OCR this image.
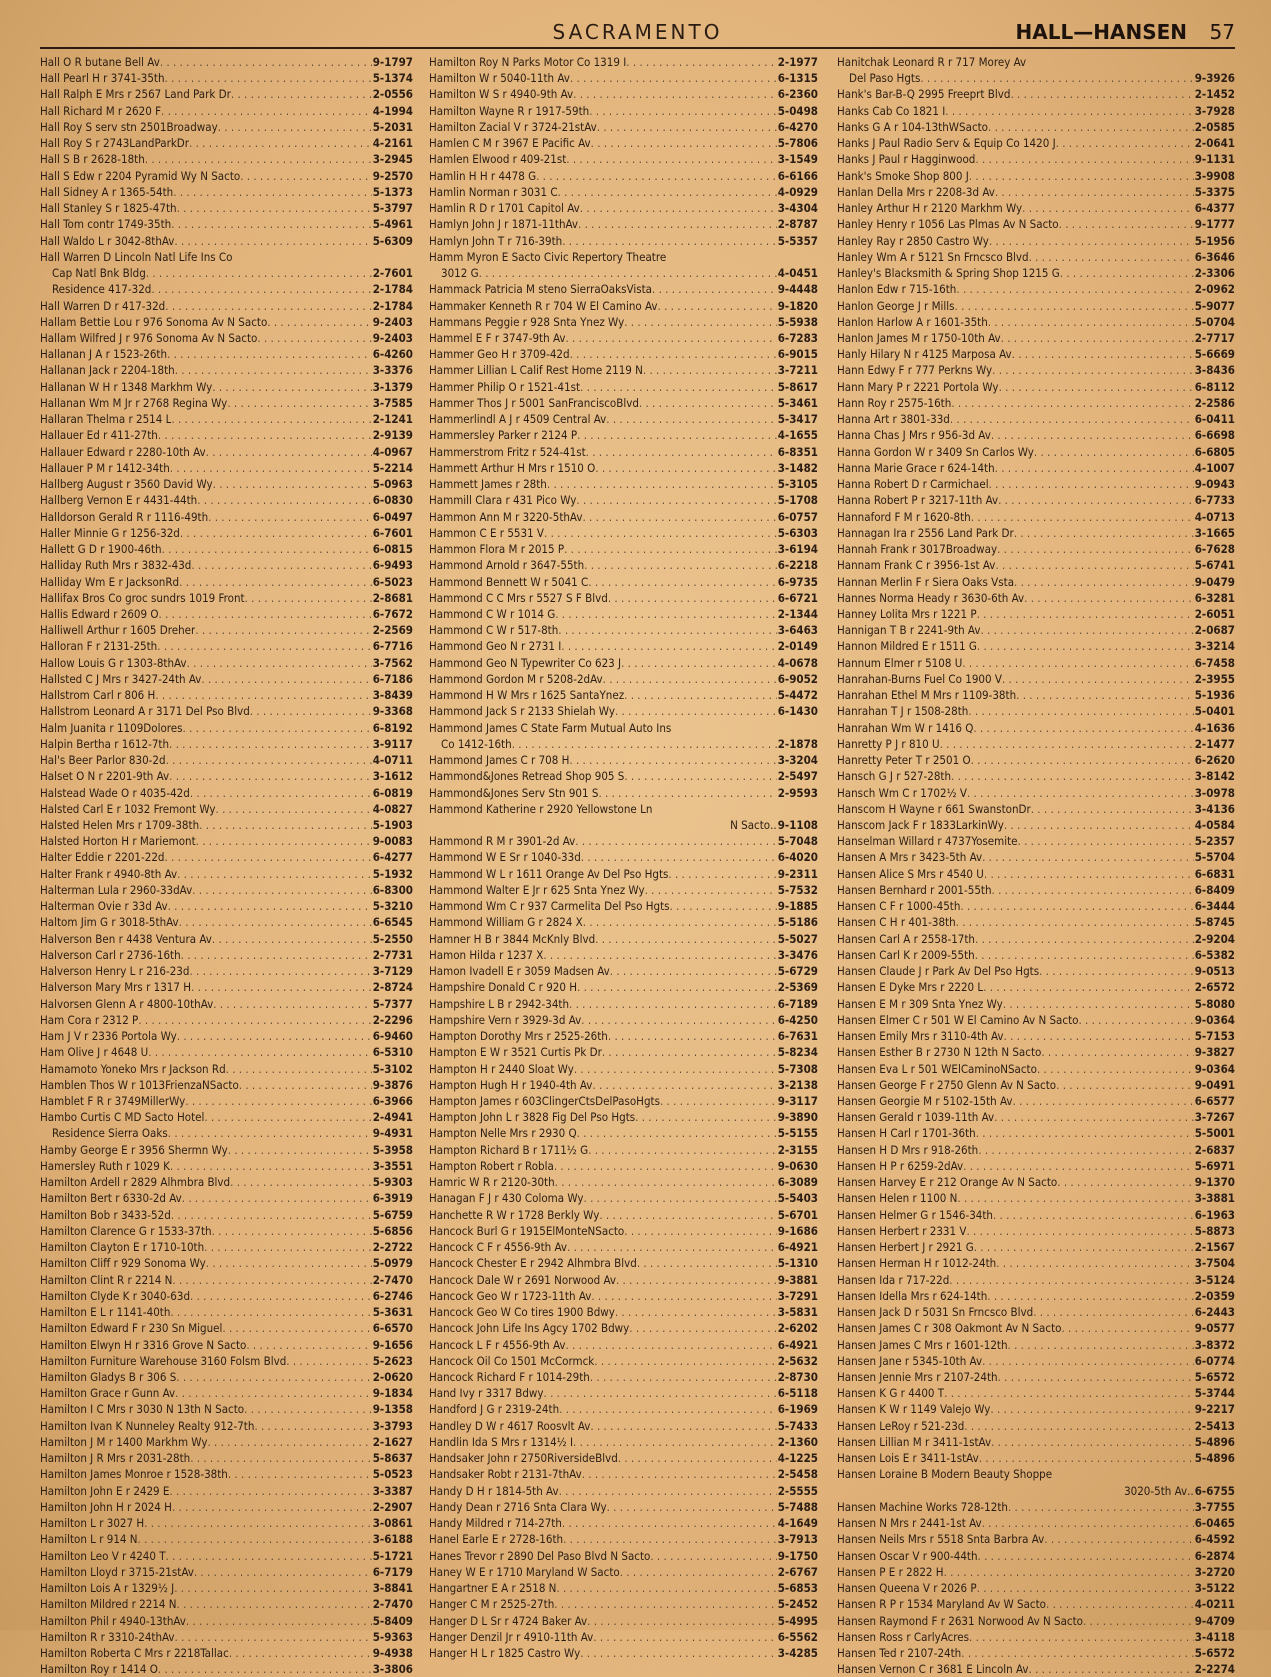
SACRAMENTO	HALL—HANSEN 57
Hall O R butane Bell Av . . .	9-1797
Hall Pearl H r 3741-35th . . .	5-1374
Hall Ralph E Mrs r 2567 Land Park Dr . . .	2-0556
Hall Richard M r 2620 F . . .	4-1994
Hall Roy S serv stn 2501Broadway . . .	5-2031
Hall Roy S r 2743LandParkDr . . .	4-2161
Hall S B r 2628-18th . . .	3-2945
Hall S Edw r 2204 Pyramid Wy N Sacto . . .	9-2570
Hall Sidney A r 1365-54th . . .	5-1373
Hall Stanley S r 1825-47th . . .	5-3797
Hall Tom contr 1749-35th . . .	5-4961
Hall Waldo L r 3042-8thAv . . .	5-6309
Hall Warren D Lincoln Natl Life Ins Co
Cap Natl Bnk Bldg . . .	2-7601
Residence 417-32d . . .	2-1784
Hall Warren D r 417-32d . . .	2-1784
Hallam Bettie Lou r 976 Sonoma Av N Sacto . . .	9-2403
Hallam Wilfred J r 976 Sonoma Av N Sacto . . .	9-2403
Hallanan J A r 1523-26th . . .	6-4260
Hallanan Jack r 2204-18th . . .	3-3376
Hallanan W H r 1348 Markhm Wy . . .	3-1379
Hallanan Wm M Jr r 2768 Regina Wy . . .	3-7585
Hallaran Thelma r 2514 L . . .	2-1241
Hallauer Ed r 411-27th . . .	2-9139
Hallauer Edward r 2280-10th Av . . .	4-0967
Hallauer P M r 1412-34th . . .	5-2214
Hallberg August r 3560 David Wy . . .	5-0963
Hallberg Vernon E r 4431-44th . . .	6-0830
Halldorson Gerald R r 1116-49th . . .	6-0497
Haller Minnie G r 1256-32d . . .	6-7601
Hallett G D r 1900-46th . . .	6-0815
Halliday Ruth Mrs r 3832-43d . . .	6-9493
Halliday Wm E r JacksonRd . . .	6-5023
Hallifax Bros Co groc sundrs 1019 Front . . .	2-8681
Hallis Edward r 2609 O . . .	6-7672
Halliwell Arthur r 1605 Dreher . . .	2-2569
Halloran F r 2131-25th . . .	6-7716
Hallow Louis G r 1303-8thAv . . .	3-7562
Hallsted C J Mrs r 3427-24th Av . . .	6-7186
Hallstrom Carl r 806 H . . .	3-8439
Hallstrom Leonard A r 3171 Del Pso Blvd . . .	9-3368
Halm Juanita r 1109Dolores . . .	6-8192
Halpin Bertha r 1612-7th . . .	3-9117
Hal's Beer Parlor 830-2d . . .	4-0711
Halset O N r 2201-9th Av . . .	3-1612
Halstead Wade O r 4035-42d . . .	6-0819
Halsted Carl E r 1032 Fremont Wy . . .	4-0827
Halsted Helen Mrs r 1709-38th . . .	5-1903
Halsted Horton H r Mariemont . . .	9-0083
Halter Eddie r 2201-22d . . .	6-4277
Halter Frank r 4940-8th Av . . .	5-1932
Halterman Lula r 2960-33dAv . . .	6-8300
Halterman Ovie r 33d Av . . .	5-3210
Haltom Jim G r 3018-5thAv . . .	6-6545
Halverson Ben r 4438 Ventura Av . . .	5-2550
Halverson Carl r 2736-16th . . .	2-7731
Halverson Henry L r 216-23d . . .	3-7129
Halverson Mary Mrs r 1317 H . . .	2-8724
Halvorsen Glenn A r 4800-10thAv . . .	5-7377
Ham Cora r 2312 P . . .	2-2296
Ham J V r 2336 Portola Wy . . .	6-9460
Ham Olive J r 4648 U . . .	6-5310
Hamamoto Yoneko Mrs r Jackson Rd . . .	5-3102
Hamblen Thos W r 1013FrienzaNSacto . . .	9-3876
Hamblet F R r 3749MillerWy . . .	6-3966
Hambo Curtis C MD Sacto Hotel . . .	2-4941
Residence Sierra Oaks . . .	9-4931
Hamby George E r 3956 Shermn Wy . . .	5-3958
Hamersley Ruth r 1029 K . . .	3-3551
Hamilton Ardell r 2829 Alhmbra Blvd . . .	5-9303
Hamilton Bert r 6330-2d Av . . .	6-3919
Hamilton Bob r 3433-52d . . .	5-6759
Hamilton Clarence G r 1533-37th . . .	5-6856
Hamilton Clayton E r 1710-10th . . .	2-2722
Hamilton Cliff r 929 Sonoma Wy . . .	5-0979
Hamilton Clint R r 2214 N . . .	2-7470
Hamilton Clyde K r 3040-63d . . .	6-2746
Hamilton E L r 1141-40th . . .	5-3631
Hamilton Edward F r 230 Sn Miguel . . .	6-6570
Hamilton Elwyn H r 3316 Grove N Sacto . . .	9-1656
Hamilton Furniture Warehouse 3160 Folsm Blvd . . .	5-2623
Hamilton Gladys B r 306 S . . .	2-0620
Hamilton Grace r Gunn Av . . .	9-1834
Hamilton I C Mrs r 3030 N 13th N Sacto . . .	9-1358
Hamilton Ivan K Nunneley Realty 912-7th . . .	3-3793
Hamilton J M r 1400 Markhm Wy . . .	2-1627
Hamilton J R Mrs r 2031-28th . . .	5-8637
Hamilton James Monroe r 1528-38th . . .	5-0523
Hamilton John E r 2429 E . . .	3-3387
Hamilton John H r 2024 H . . .	2-2907
Hamilton L r 3027 H . . .	3-0861
Hamilton L r 914 N . . .	3-6188
Hamilton Leo V r 4240 T . . .	5-1721
Hamilton Lloyd r 3715-21stAv . . .	6-7179
Hamilton Lois A r 1329½ J . . .	3-8841
Hamilton Mildred r 2214 N . . .	2-7470
Hamilton Phil r 4940-13thAv . . .	5-8409
Hamilton R r 3310-24thAv . . .	5-9363
Hamilton Roberta C Mrs r 2218Tallac . . .	9-4938
Hamilton Roy r 1414 O . . .	3-3806
Hamilton Roy N Parks Motor Co 1319 I . . .	2-1977
Hamilton W r 5040-11th Av . . .	6-1315
Hamilton W S r 4940-9th Av . . .	6-2360
Hamilton Wayne R r 1917-59th . . .	5-0498
Hamilton Zacial V r 3724-21stAv . . .	6-4270
Hamlen C M r 3967 E Pacific Av . . .	5-7806
Hamlen Elwood r 409-21st . . .	3-1549
Hamlin H H r 4478 G . . .	6-6166
Hamlin Norman r 3031 C . . .	4-0929
Hamlin R D r 1701 Capitol Av . . .	3-4304
Hamlyn John J r 1871-11thAv . . .	2-8787
Hamlyn John T r 716-39th . . .	5-5357
Hamm Myron E Sacto Civic Repertory Theatre
3012 G . . .	4-0451
Hammack Patricia M steno SierraOaksVista . . .	9-4448
Hammaker Kenneth R r 704 W El Camino Av . . .	9-1820
Hammans Peggie r 928 Snta Ynez Wy . . .	5-5938
Hammel E F r 3747-9th Av . . .	6-7283
Hammer Geo H r 3709-42d . . .	6-9015
Hammer Lillian L Calif Rest Home 2119 N . . .	3-7211
Hammer Philip O r 1521-41st . . .	5-8617
Hammer Thos J r 5001 SanFranciscoBlvd . . .	5-3461
Hammerlindl A J r 4509 Central Av . . .	5-3417
Hammersley Parker r 2124 P . . .	4-1655
Hammerstrom Fritz r 524-41st . . .	6-8351
Hammett Arthur H Mrs r 1510 O . . .	3-1482
Hammett James r 28th . . .	5-3105
Hammill Clara r 431 Pico Wy . . .	5-1708
Hammon Ann M r 3220-5thAv . . .	6-0757
Hammon C E r 5531 V . . .	5-6303
Hammon Flora M r 2015 P . . .	3-6194
Hammond Arnold r 3647-55th . . .	6-2218
Hammond Bennett W r 5041 C . . .	6-9735
Hammond C C Mrs r 5527 S F Blvd . . .	6-6721
Hammond C W r 1014 G . . .	2-1344
Hammond C W r 517-8th . . .	3-6463
Hammond Geo N r 2731 I . . .	2-0149
Hammond Geo N Typewriter Co 623 J . . .	4-0678
Hammond Gordon M r 5208-2dAv . . .	6-9052
Hammond H W Mrs r 1625 SantaYnez . . .	5-4472
Hammond Jack S r 2133 Shielah Wy . . .	6-1430
Hammond James C State Farm Mutual Auto Ins
Co 1412-16th . . .	2-1878
Hammond James C r 708 H . . .	3-3204
Hammond&Jones Retread Shop 905 S . . .	2-5497
Hammond&Jones Serv Stn 901 S . . .	2-9593
Hammond Katherine r 2920 Yellowstone Ln
N Sacto .. 9-1108
Hammond R M r 3901-2d Av . . .	5-7048
Hammond W E Sr r 1040-33d . . .	6-4020
Hammond W L r 1611 Orange Av Del Pso Hgts . . .	9-2311
Hammond Walter E Jr r 625 Snta Ynez Wy . . .	5-7532
Hammond Wm C r 937 Carmelita Del Pso Hgts . . .	9-1885
Hammond William G r 2824 X . . .	5-5186
Hamner H B r 3844 McKnly Blvd . . .	5-5027
Hamon Hilda r 1237 X . . .	3-3476
Hamon Ivadell E r 3059 Madsen Av . . .	5-6729
Hampshire Donald C r 920 H . . .	2-5369
Hampshire L B r 2942-34th . . .	6-7189
Hampshire Vern r 3929-3d Av . . .	6-4250
Hampton Dorothy Mrs r 2525-26th . . .	6-7631
Hampton E W r 3521 Curtis Pk Dr . . .	5-8234
Hampton H r 2440 Sloat Wy . . .	5-7308
Hampton Hugh H r 1940-4th Av . . .	3-2138
Hampton James r 603ClingerCtsDelPasoHgts . . .	9-3117
Hampton John L r 3828 Fig Del Pso Hgts . . .	9-3890
Hampton Nelle Mrs r 2930 Q . . .	5-5155
Hampton Richard B r 1711½ G . . .	2-3155
Hampton Robert r Robla . . .	9-0630
Hamric W R r 2120-30th . . .	6-3089
Hanagan F J r 430 Coloma Wy . . .	5-5403
Hanchette R W r 1728 Berkly Wy . . .	5-6701
Hancock Burl G r 1915ElMonteNSacto . . .	9-1686
Hancock C F r 4556-9th Av . . .	6-4921
Hancock Chester E r 2942 Alhmbra Blvd . . .	5-1310
Hancock Dale W r 2691 Norwood Av . . .	9-3881
Hancock Geo W r 1723-11th Av . . .	3-7291
Hancock Geo W Co tires 1900 Bdwy . . .	3-5831
Hancock John Life Ins Agcy 1702 Bdwy . . .	2-6202
Hancock L F r 4556-9th Av . . .	6-4921
Hancock Oil Co 1501 McCormck . . .	2-5632
Hancock Richard F r 1014-29th . . .	2-8730
Hand Ivy r 3317 Bdwy . . .	6-5118
Handford J G r 2319-24th . . .	6-1969
Handley D W r 4617 Roosvlt Av . . .	5-7433
Handlin Ida S Mrs r 1314½ I . . .	2-1360
Handsaker John r 2750RiversideBlvd . . .	4-1225
Handsaker Robt r 2131-7thAv . . .	2-5458
Handy D H r 1814-5th Av . . .	2-5555
Handy Dean r 2716 Snta Clara Wy . . .	5-7488
Handy Mildred r 714-27th . . .	4-1649
Hanel Earle E r 2728-16th . . .	3-7913
Hanes Trevor r 2890 Del Paso Blvd N Sacto . . .	9-1750
Haney W E r 1710 Maryland W Sacto . . .	2-6767
Hangartner E A r 2518 N . . .	5-6853
Hanger C M r 2525-27th . . .	5-2452
Hanger D L Sr r 4724 Baker Av . . .	5-4995
Hanger Denzil Jr r 4910-11th Av . . .	6-5562
Hanger H L r 1825 Castro Wy . . .	3-4285
Hanitchak Leonard R r 717 Morey Av
Del Paso Hgts . . .	9-3926
Hank's Bar-B-Q 2995 Freeprt Blvd . . .	2-1452
Hanks Cab Co 1821 I . . .	3-7928
Hanks G A r 104-13thWSacto . . .	2-0585
Hanks J Paul Radio Serv & Equip Co 1420 J . . .	2-0641
Hanks J Paul r Hagginwood . . .	9-1131
Hank's Smoke Shop 800 J . . .	3-9908
Hanlan Della Mrs r 2208-3d Av . . .	5-3375
Hanley Arthur H r 2120 Markhm Wy . . .	6-4377
Hanley Henry r 1056 Las Plmas Av N Sacto . . .	9-1777
Hanley Ray r 2850 Castro Wy . . .	5-1956
Hanley Wm A r 5121 Sn Frncsco Blvd . . .	6-3646
Hanley's Blacksmith & Spring Shop 1215 G . . .	2-3306
Hanlon Edw r 715-16th . . .	2-0962
Hanlon George J r Mills . . .	5-9077
Hanlon Harlow A r 1601-35th . . .	5-0704
Hanlon James M r 1750-10th Av . . .	2-7717
Hanly Hilary N r 4125 Marposa Av . . .	5-6669
Hann Edwy F r 777 Perkns Wy . . .	3-8436
Hann Mary P r 2221 Portola Wy . . .	6-8112
Hann Roy r 2575-16th . . .	2-2586
Hanna Art r 3801-33d . . .	6-0411
Hanna Chas J Mrs r 956-3d Av . . .	6-6698
Hanna Gordon W r 3409 Sn Carlos Wy . . .	6-6805
Hanna Marie Grace r 624-14th . . .	4-1007
Hanna Robert D r Carmichael . . .	9-0943
Hanna Robert P r 3217-11th Av . . .	6-7733
Hannaford F M r 1620-8th . . .	4-0713
Hannagan Ira r 2556 Land Park Dr . . .	3-1665
Hannah Frank r 3017Broadway . . .	6-7628
Hannam Frank C r 3956-1st Av . . .	5-6741
Hannan Merlin F r Siera Oaks Vsta . . .	9-0479
Hannes Norma Heady r 3630-6th Av . . .	6-3281
Hanney Lolita Mrs r 1221 P . . .	2-6051
Hannigan T B r 2241-9th Av . . .	2-0687
Hannon Mildred E r 1511 G . . .	3-3214
Hannum Elmer r 5108 U . . .	6-7458
Hanrahan-Burns Fuel Co 1900 V . . .	2-3955
Hanrahan Ethel M Mrs r 1109-38th . . .	5-1936
Hanrahan T J r 1508-28th . . .	5-0401
Hanrahan Wm W r 1416 Q . . .	4-1636
Hanretty P J r 810 U . . .	2-1477
Hanretty Peter T r 2501 O . . .	6-2620
Hansch G J r 527-28th . . .	3-8142
Hansch Wm C r 1702½ V . . .	3-0978
Hanscom H Wayne r 661 SwanstonDr . . .	3-4136
Hanscom Jack F r 1833LarkinWy . . .	4-0584
Hanselman Willard r 4737Yosemite . . .	5-2357
Hansen A Mrs r 3423-5th Av . . .	5-5704
Hansen Alice S Mrs r 4540 U . . .	6-6831
Hansen Bernhard r 2001-55th . . .	6-8409
Hansen C F r 1000-45th . . .	6-3444
Hansen C H r 401-38th . . .	5-8745
Hansen Carl A r 2558-17th . . .	2-9204
Hansen Carl K r 2009-55th . . .	6-5382
Hansen Claude J r Park Av Del Pso Hgts . . .	9-0513
Hansen E Dyke Mrs r 2220 L . . .	2-6572
Hansen E M r 309 Snta Ynez Wy . . .	5-8080
Hansen Elmer C r 501 W El Camino Av N Sacto . . .	9-0364
Hansen Emily Mrs r 3110-4th Av . . .	5-7153
Hansen Esther B r 2730 N 12th N Sacto . . .	9-3827
Hansen Eva L r 501 WElCaminoNSacto . . .	9-0364
Hansen George F r 2750 Glenn Av N Sacto . . .	9-0491
Hansen Georgie M r 5102-15th Av . . .	6-6577
Hansen Gerald r 1039-11th Av . . .	3-7267
Hansen H Carl r 1701-36th . . .	5-5001
Hansen H D Mrs r 918-26th . . .	2-6837
Hansen H P r 6259-2dAv . . .	5-6971
Hansen Harvey E r 212 Orange Av N Sacto . . .	9-1370
Hansen Helen r 1100 N . . .	3-3881
Hansen Helmer G r 1546-34th . . .	6-1963
Hansen Herbert r 2331 V . . .	5-8873
Hansen Herbert J r 2921 G . . .	2-1567
Hansen Herman H r 1012-24th . . .	3-7504
Hansen Ida r 717-22d . . .	3-5124
Hansen Idella Mrs r 624-14th . . .	2-0359
Hansen Jack D r 5031 Sn Frncsco Blvd . . .	6-2443
Hansen James C r 308 Oakmont Av N Sacto . . .	9-0577
Hansen James C Mrs r 1601-12th . . .	3-8372
Hansen Jane r 5345-10th Av . . .	6-0774
Hansen Jennie Mrs r 2107-24th . . .	5-6572
Hansen K G r 4400 T . . .	5-3744
Hansen K W r 1149 Valejo Wy . . .	9-2217
Hansen LeRoy r 521-23d . . .	2-5413
Hansen Lillian M r 3411-1stAv . . .	5-4896
Hansen Lois E r 3411-1stAv . . .	5-4896
Hansen Loraine B Modern Beauty Shoppe
3020-5th Av .. 6-6755
Hansen Machine Works 728-12th . . .	3-7755
Hansen N Mrs r 2441-1st Av . . .	6-0465
Hansen Neils Mrs r 5518 Snta Barbra Av . . .	6-4592
Hansen Oscar V r 900-44th . . .	6-2874
Hansen P E r 2822 H . . .	3-2720
Hansen Queena V r 2026 P . . .	3-5122
Hansen R P r 1534 Maryland Av W Sacto . . .	4-0211
Hansen Raymond F r 2631 Norwood Av N Sacto . . .	9-4709
Hansen Ross r CarlyAcres . . .	3-4118
Hansen Ted r 2107-24th . . .	5-6572
Hansen Vernon C r 3681 E Lincoln Av . . .	2-2274
